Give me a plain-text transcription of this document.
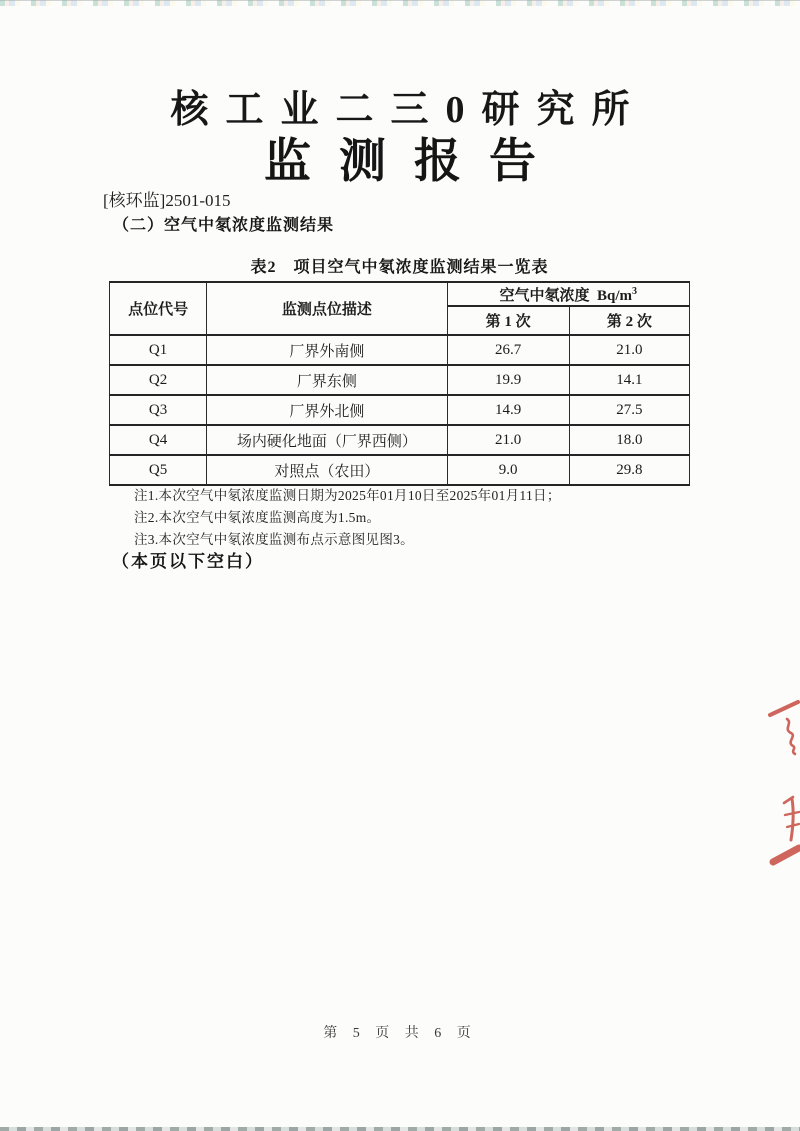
核工业二三0研究所
监测报告
[核环监]2501-015
（二）空气中氡浓度监测结果
表2　项目空气中氡浓度监测结果一览表
点位代号	监测点位描述	空气中氡浓度 $Bq/m^3$
		第 1 次	第 2 次
Q1	厂界外南侧	26.7	21.0
Q2	厂界东侧	19.9	14.1
Q3	厂界外北侧	14.9	27.5
Q4	场内硬化地面（厂界西侧）	21.0	18.0
Q5	对照点（农田）	9.0	29.8
注1.本次空气中氡浓度监测日期为2025年01月10日至2025年01月11日；
注2.本次空气中氡浓度监测高度为1.5m。
注3.本次空气中氡浓度监测布点示意图见图3。
（本页以下空白）
第 5 页 共 6 页
